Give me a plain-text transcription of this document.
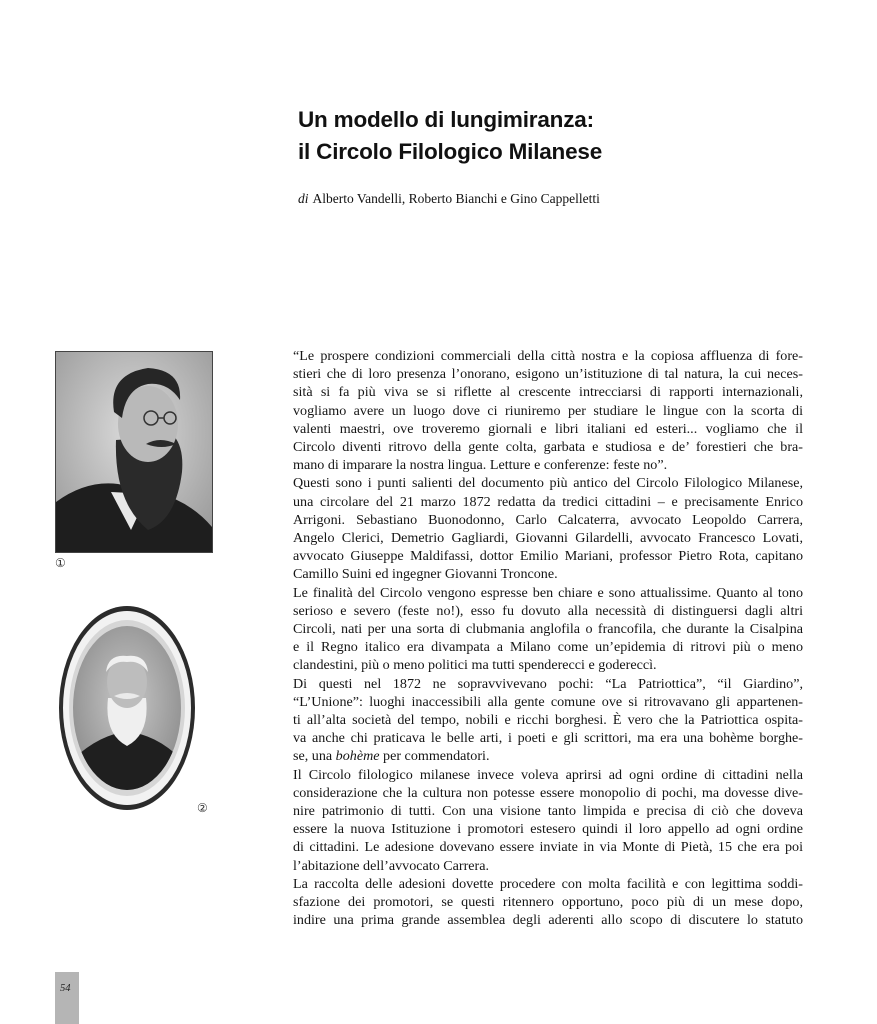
Un modello di lungimiranza:
il Circolo Filologico Milanese
di Alberto Vandelli, Roberto Bianchi e Gino Cappelletti
①
②

“Le prospere condizioni commerciali della città nostra e la copiosa affluenza di fore-
stieri che di loro presenza l’onorano, esigono un’istituzione di tal natura, la cui neces-
sità si fa più viva se si riflette al crescente intrecciarsi di rapporti internazionali,
vogliamo avere un luogo dove ci riuniremo per studiare le lingue con la scorta di
valenti maestri, ove troveremo giornali e libri italiani ed esteri... vogliamo che il
Circolo diventi ritrovo della gente colta, garbata e studiosa e de’ forestieri che bra-
mano di imparare la nostra lingua. Letture e conferenze: feste no”.

Questi sono i punti salienti del documento più antico del Circolo Filologico Milanese,
una circolare del 21 marzo 1872 redatta da tredici cittadini – e precisamente Enrico
Arrigoni. Sebastiano Buonodonno, Carlo Calcaterra, avvocato Leopoldo Carrera,
Angelo Clerici, Demetrio Gagliardi, Giovanni Gilardelli, avvocato Francesco Lovati,
avvocato Giuseppe Maldifassi, dottor Emilio Mariani, professor Pietro Rota, capitano
Camillo Suini ed ingegner Giovanni Troncone.

Le finalità del Circolo vengono espresse ben chiare e sono attualissime. Quanto al tono
serioso e severo (feste no!), esso fu dovuto alla necessità di distinguersi dagli altri
Circoli, nati per una sorta di clubmania anglofila o francofila, che durante la Cisalpina
e il Regno italico era divampata a Milano come un’epidemia di ritrovi più o meno
clandestini, più o meno politici ma tutti spenderecci e godereccì.

Di questi nel 1872 ne sopravvivevano pochi: “La Patriottica”, “il Giardino”,
“L’Unione”: luoghi inaccessibili alla gente comune ove si ritrovavano gli appartenen-
ti all’alta società del tempo, nobili e ricchi borghesi. È vero che la Patriottica ospita-
va anche chi praticava le belle arti, i poeti e gli scrittori, ma era una bohème borghe-
se, una bohème per commendatori.

Il Circolo filologico milanese invece voleva aprirsi ad ogni ordine di cittadini nella
considerazione che la cultura non potesse essere monopolio di pochi, ma dovesse dive-
nire patrimonio di tutti. Con una visione tanto limpida e precisa di ciò che doveva
essere la nuova Istituzione i promotori estesero quindi il loro appello ad ogni ordine
di cittadini. Le adesione dovevano essere inviate in via Monte di Pietà, 15 che era poi
l’abitazione dell’avvocato Carrera.

La raccolta delle adesioni dovette procedere con molta facilità e con legittima soddi-
sfazione dei promotori, se questi ritennero opportuno, poco più di un mese dopo,
indire una prima grande assemblea degli aderenti allo scopo di discutere lo statuto

54
